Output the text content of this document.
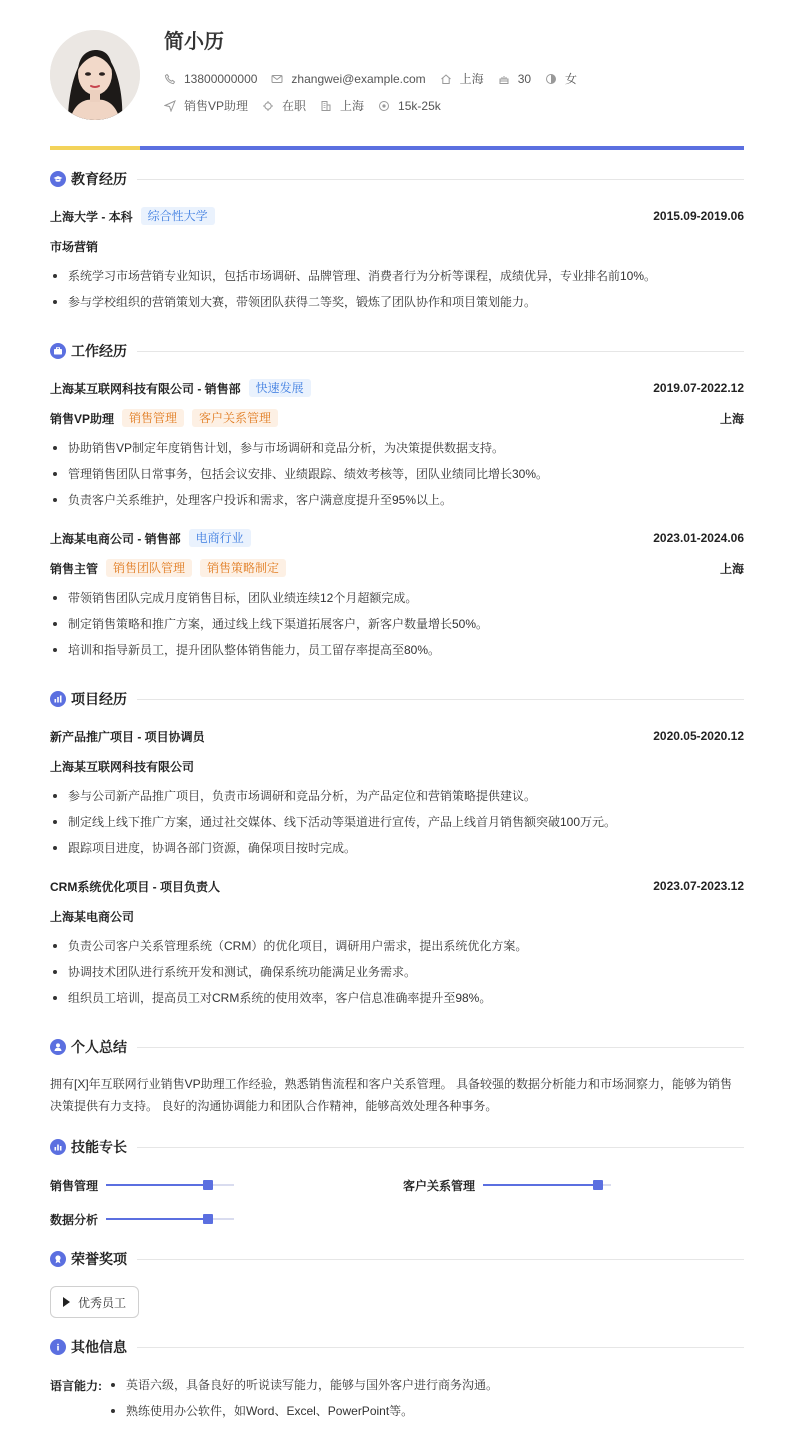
简小历
13800000000	zhangwei@example.com	上海	30	女
销售VP助理	在职	上海	15k-25k
教育经历
上海大学 - 本科	综合性大学	2015.09-2019.06
市场营销
系统学习市场营销专业知识，包括市场调研、品牌管理、消费者行为分析等课程，成绩优异，专业排名前10%。
参与学校组织的营销策划大赛，带领团队获得二等奖，锻炼了团队协作和项目策划能力。
工作经历
上海某互联网科技有限公司 - 销售部	快速发展	2019.07-2022.12
销售VP助理	销售管理	客户关系管理	上海
协助销售VP制定年度销售计划，参与市场调研和竞品分析，为决策提供数据支持。
管理销售团队日常事务，包括会议安排、业绩跟踪、绩效考核等，团队业绩同比增长30%。
负责客户关系维护，处理客户投诉和需求，客户满意度提升至95%以上。
上海某电商公司 - 销售部	电商行业	2023.01-2024.06
销售主管	销售团队管理	销售策略制定	上海
带领销售团队完成月度销售目标，团队业绩连续12个月超额完成。
制定销售策略和推广方案，通过线上线下渠道拓展客户，新客户数量增长50%。
培训和指导新员工，提升团队整体销售能力，员工留存率提高至80%。
项目经历
新产品推广项目 - 项目协调员	2020.05-2020.12
上海某互联网科技有限公司
参与公司新产品推广项目，负责市场调研和竞品分析，为产品定位和营销策略提供建议。
制定线上线下推广方案，通过社交媒体、线下活动等渠道进行宣传，产品上线首月销售额突破100万元。
跟踪项目进度，协调各部门资源，确保项目按时完成。
CRM系统优化项目 - 项目负责人	2023.07-2023.12
上海某电商公司
负责公司客户关系管理系统（CRM）的优化项目，调研用户需求，提出系统优化方案。
协调技术团队进行系统开发和测试，确保系统功能满足业务需求。
组织员工培训，提高员工对CRM系统的使用效率，客户信息准确率提升至98%。
个人总结
拥有[X]年互联网行业销售VP助理工作经验，熟悉销售流程和客户关系管理。 具备较强的数据分析能力和市场洞察力，能够为销售决策提供有力支持。 良好的沟通协调能力和团队合作精神，能够高效处理各种事务。
技能专长
销售管理	客户关系管理
数据分析
荣誉奖项
优秀员工
其他信息
语言能力:	英语六级，具备良好的听说读写能力，能够与国外客户进行商务沟通。
熟练使用办公软件，如Word、Excel、PowerPoint等。
